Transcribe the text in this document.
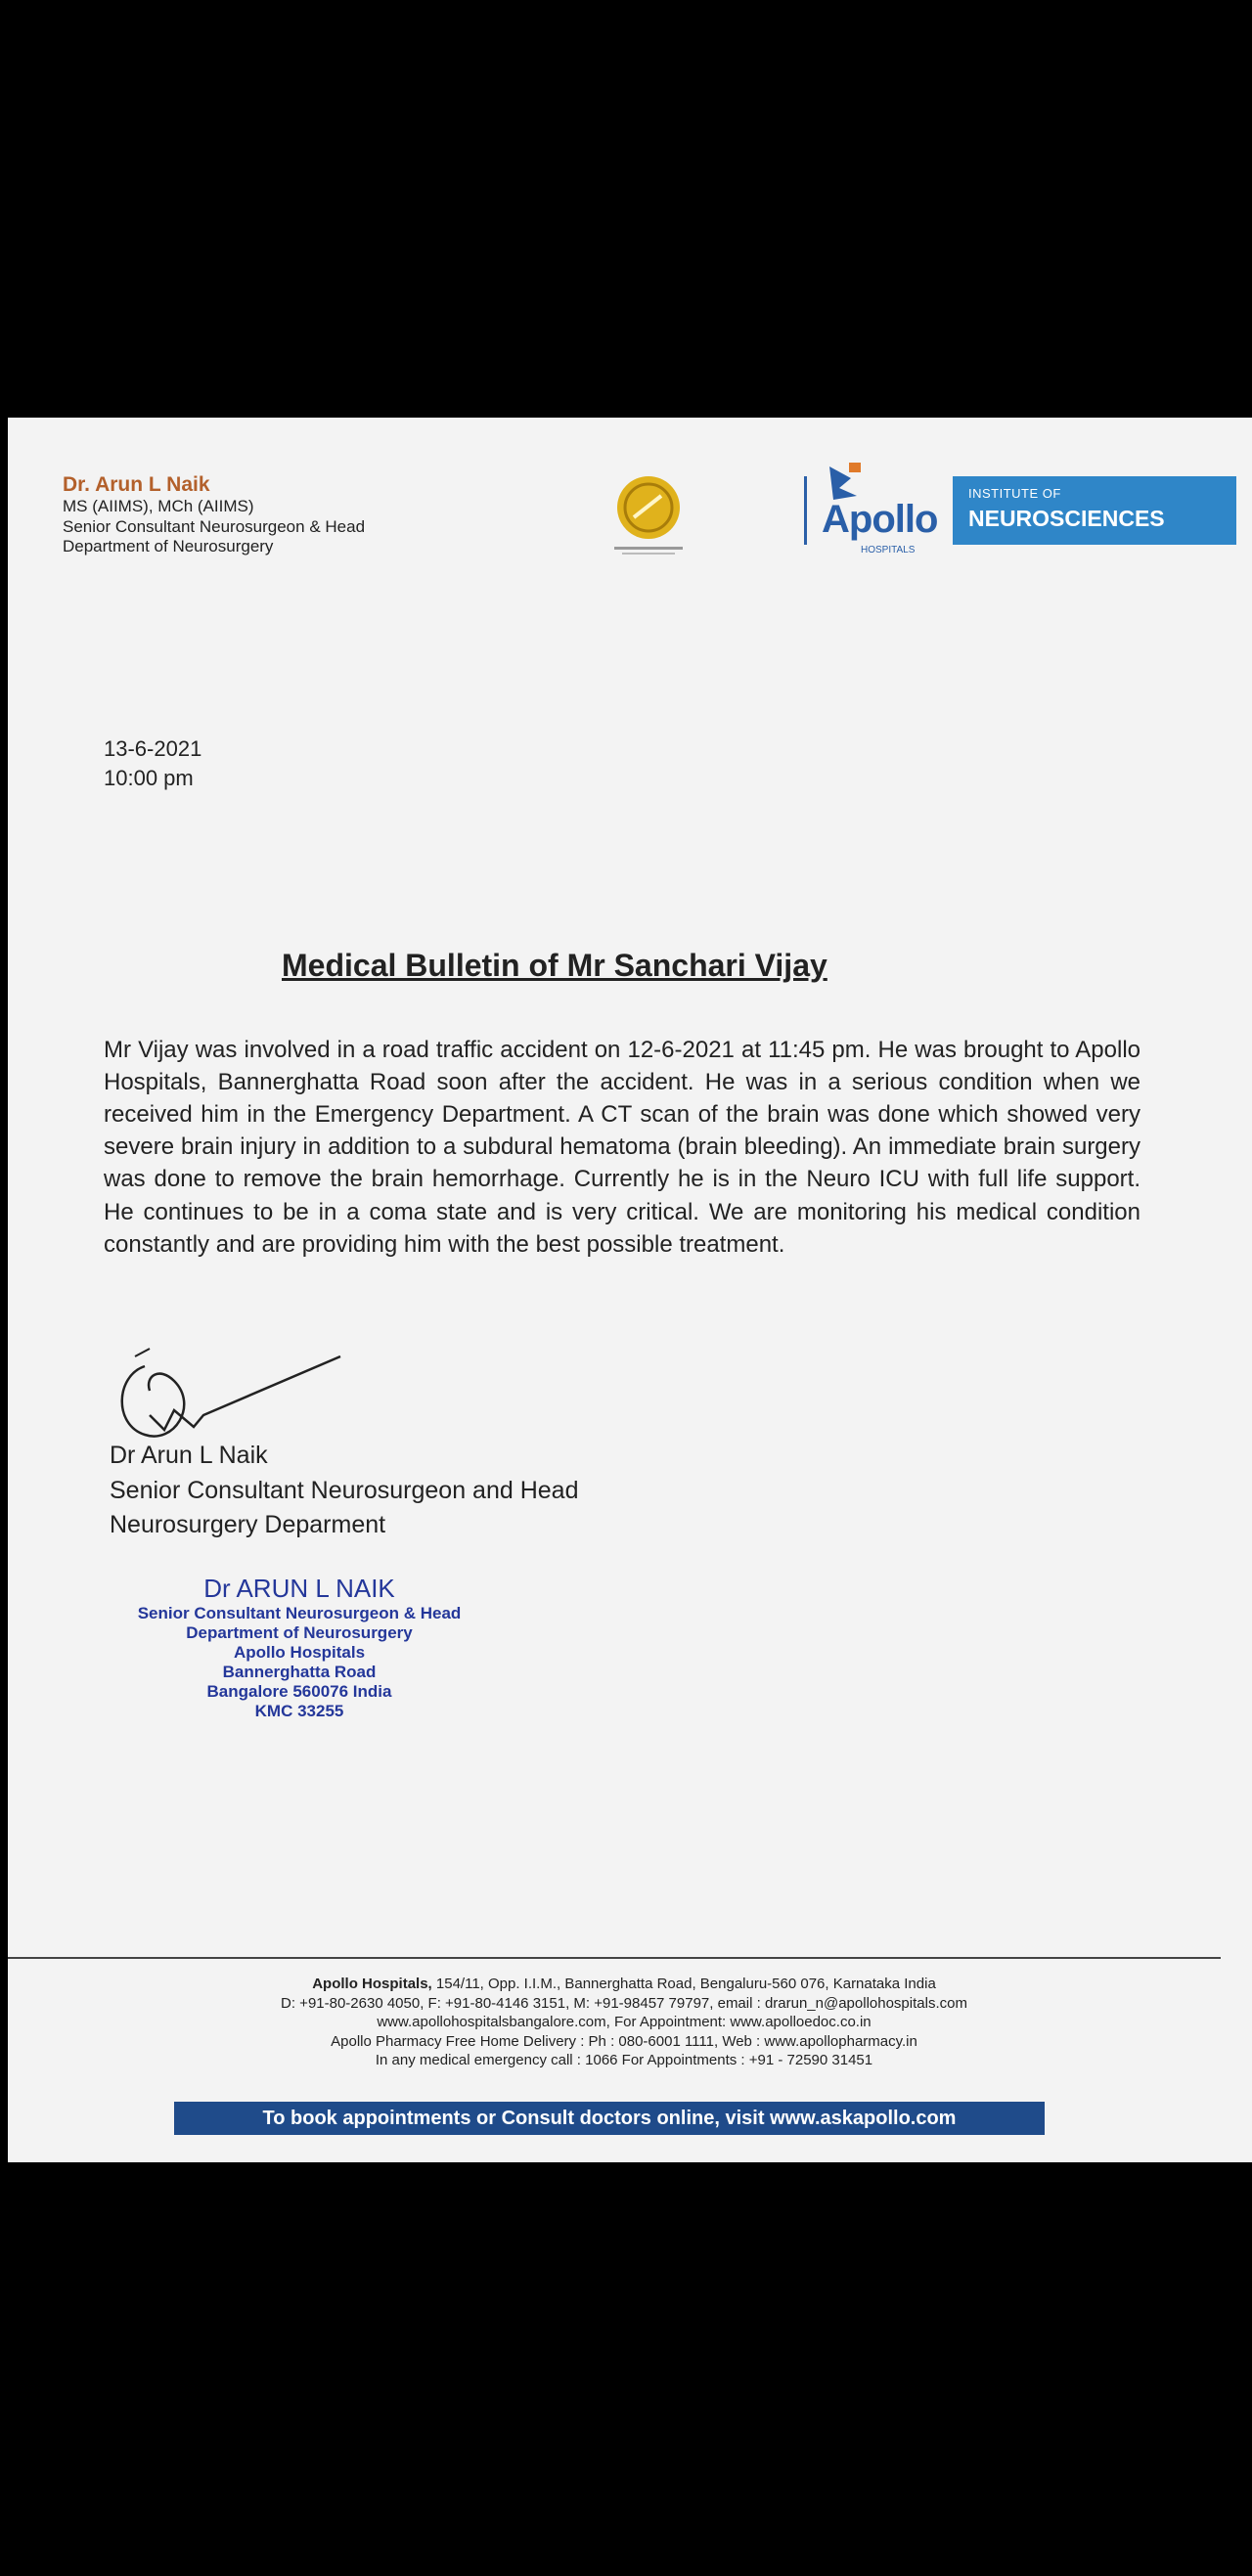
Dr. Arun L Naik
MS (AIIMS), MCh (AIIMS)
Senior Consultant Neurosurgeon & Head
Department of Neurosurgery
Apollo
HOSPITALS
INSTITUTE OF
NEUROSCIENCES
13-6-2021
10:00 pm
Medical Bulletin of Mr Sanchari Vijay
Mr Vijay was involved in a road traffic accident on 12-6-2021 at 11:45 pm. He was brought to Apollo Hospitals, Bannerghatta Road soon after the accident. He was in a serious condition when we received him in the Emergency Department. A CT scan of the brain was done which showed very severe brain injury in addition to a subdural hematoma (brain bleeding). An immediate brain surgery was done to remove the brain hemorrhage. Currently he is in the Neuro ICU with full life support. He continues to be in a coma state and is very critical. We are monitoring his medical condition constantly and are providing him with the best possible treatment.
Dr Arun L Naik
Senior Consultant Neurosurgeon and Head
Neurosurgery Deparment
Dr ARUN L NAIK
Senior Consultant Neurosurgeon & Head
Department of Neurosurgery
Apollo Hospitals
Bannerghatta Road
Bangalore 560076 India
KMC 33255
Apollo Hospitals, 154/11, Opp. I.I.M., Bannerghatta Road, Bengaluru-560 076, Karnataka India
D: +91-80-2630 4050, F: +91-80-4146 3151, M: +91-98457 79797, email : drarun_n@apollohospitals.com
www.apollohospitalsbangalore.com, For Appointment: www.apolloedoc.co.in
Apollo Pharmacy Free Home Delivery : Ph : 080-6001 1111, Web : www.apollopharmacy.in
In any medical emergency call : 1066 For Appointments : +91 - 72590 31451
To book appointments or Consult doctors online, visit www.askapollo.com
